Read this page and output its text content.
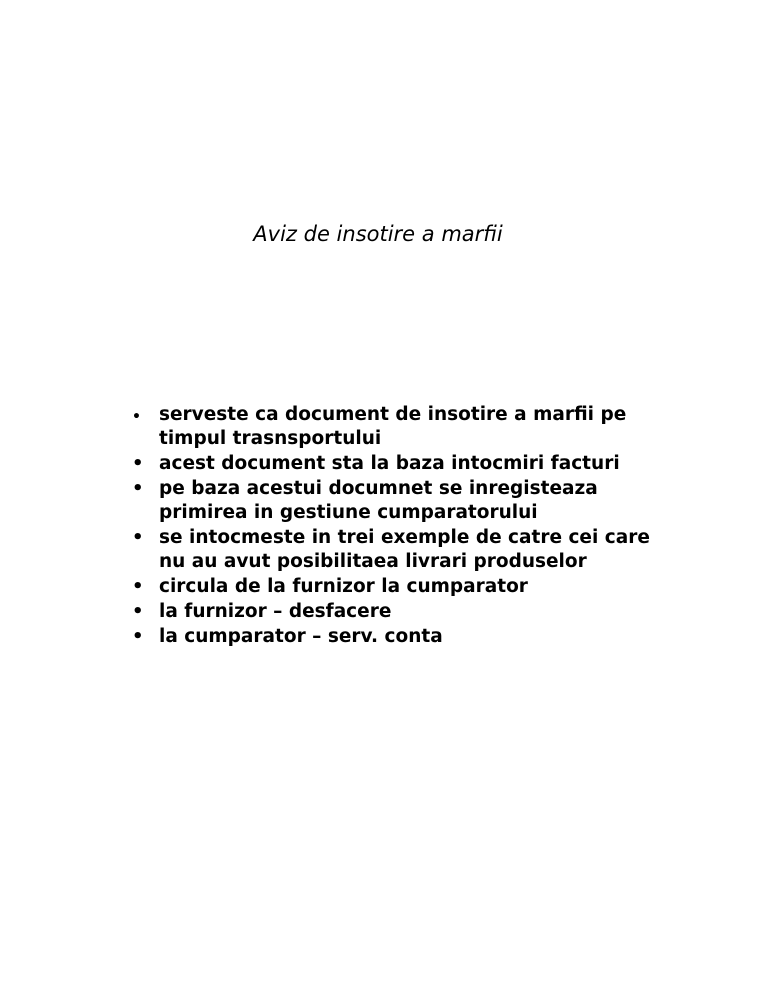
Aviz de insotire a marfii
• serveste ca document de insotire a marfii pe timpul trasnsportului
• acest document sta la baza intocmiri facturi
• pe baza acestui documnet se inregisteaza primirea in gestiune cumparatorului
• se intocmeste in trei exemple de catre cei care nu au avut posibilitaea livrari produselor
• circula de la furnizor la cumparator
• la furnizor – desfacere
• la cumparator – serv. conta
